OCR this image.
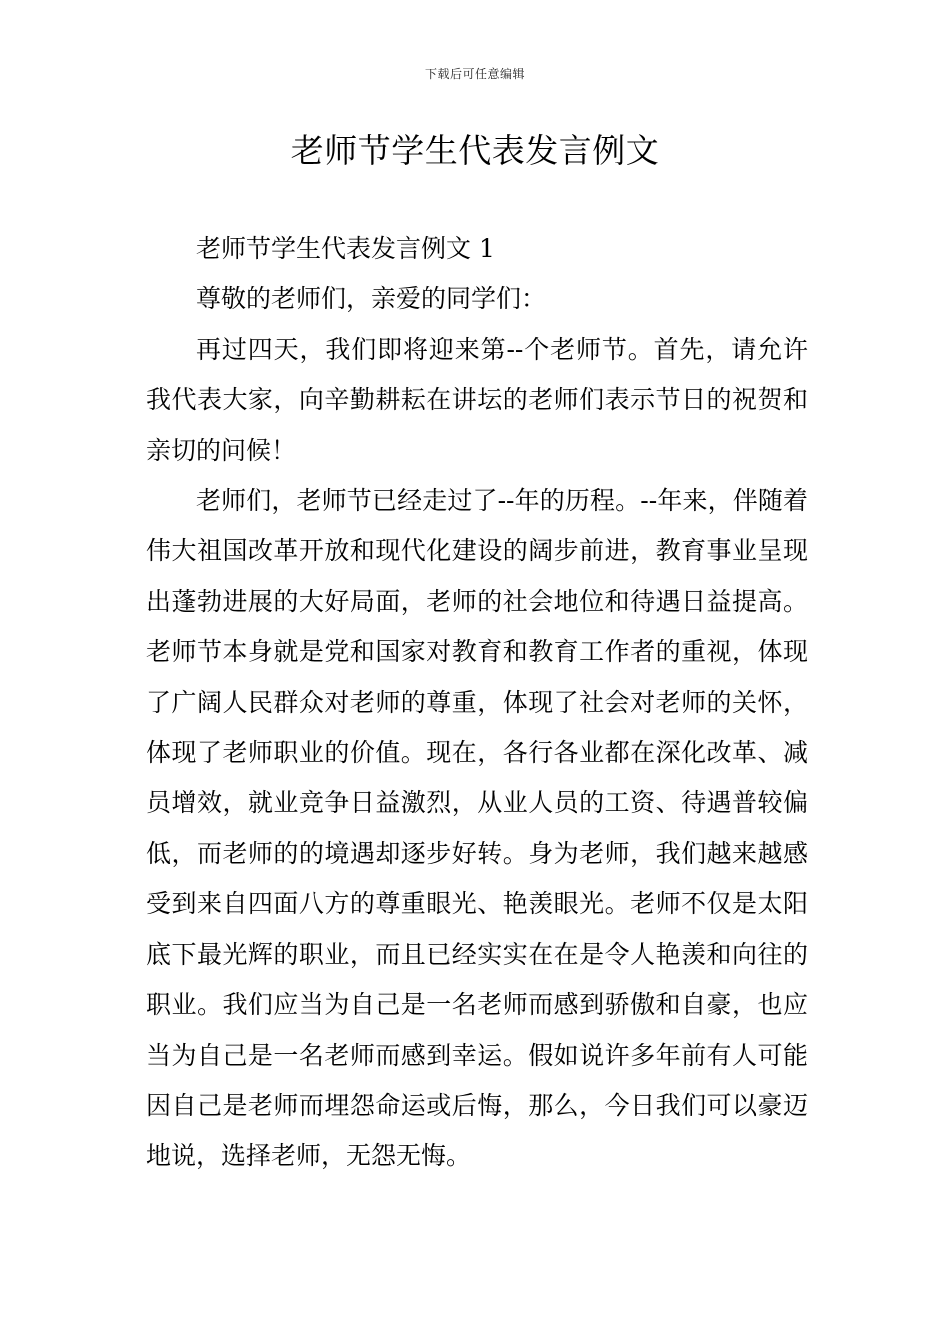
下载后可任意编辑
老师节学生代表发言例文

老师节学生代表发言例文 1

尊敬的老师们，亲爱的同学们：

再过四天，我们即将迎来第--个老师节。首先，请允许我代表大家，向辛勤耕耘在讲坛的老师们表示节日的祝贺和亲切的问候！

老师们，老师节已经走过了--年的历程。--年来，伴随着伟大祖国改革开放和现代化建设的阔步前进，教育事业呈现出蓬勃进展的大好局面，老师的社会地位和待遇日益提高。老师节本身就是党和国家对教育和教育工作者的重视，体现了广阔人民群众对老师的尊重，体现了社会对老师的关怀，体现了老师职业的价值。现在，各行各业都在深化改革、减员增效，就业竞争日益激烈，从业人员的工资、待遇普较偏低，而老师的的境遇却逐步好转。身为老师，我们越来越感受到来自四面八方的尊重眼光、艳羡眼光。老师不仅是太阳底下最光辉的职业，而且已经实实在在是令人艳羡和向往的职业。我们应当为自己是一名老师而感到骄傲和自豪，也应当为自己是一名老师而感到幸运。假如说许多年前有人可能因自己是老师而埋怨命运或后悔，那么，今日我们可以豪迈地说，选择老师，无怨无悔。
